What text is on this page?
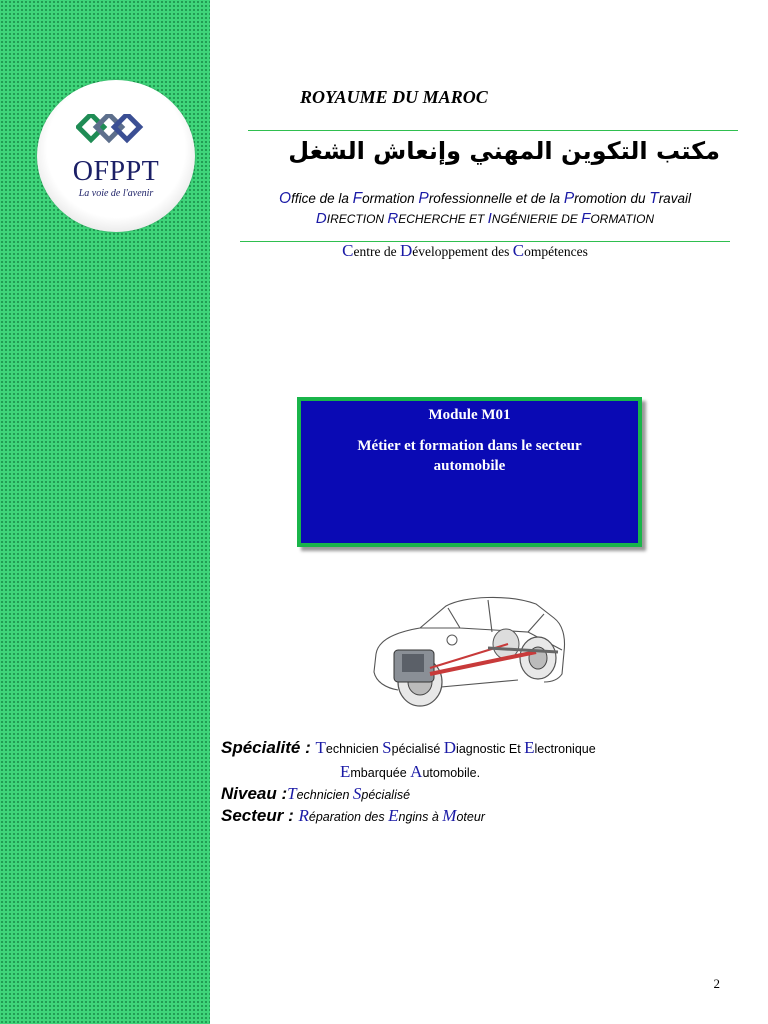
OFPPT
La voie de l'avenir
ROYAUME DU MAROC
مكتب التكوين المهني وإنعاش الشغل
Office de la Formation Professionnelle et de la Promotion du Travail
DIRECTION RECHERCHE ET INGÉNIERIE DE FORMATION
Centre de Développement des Compétences
Module M01
Métier et formation dans le secteur automobile
Spécialité : Technicien Spécialisé Diagnostic Et Electronique
Embarquée Automobile.
Niveau :Technicien Spécialisé
Secteur : Réparation des Engins à Moteur
2
